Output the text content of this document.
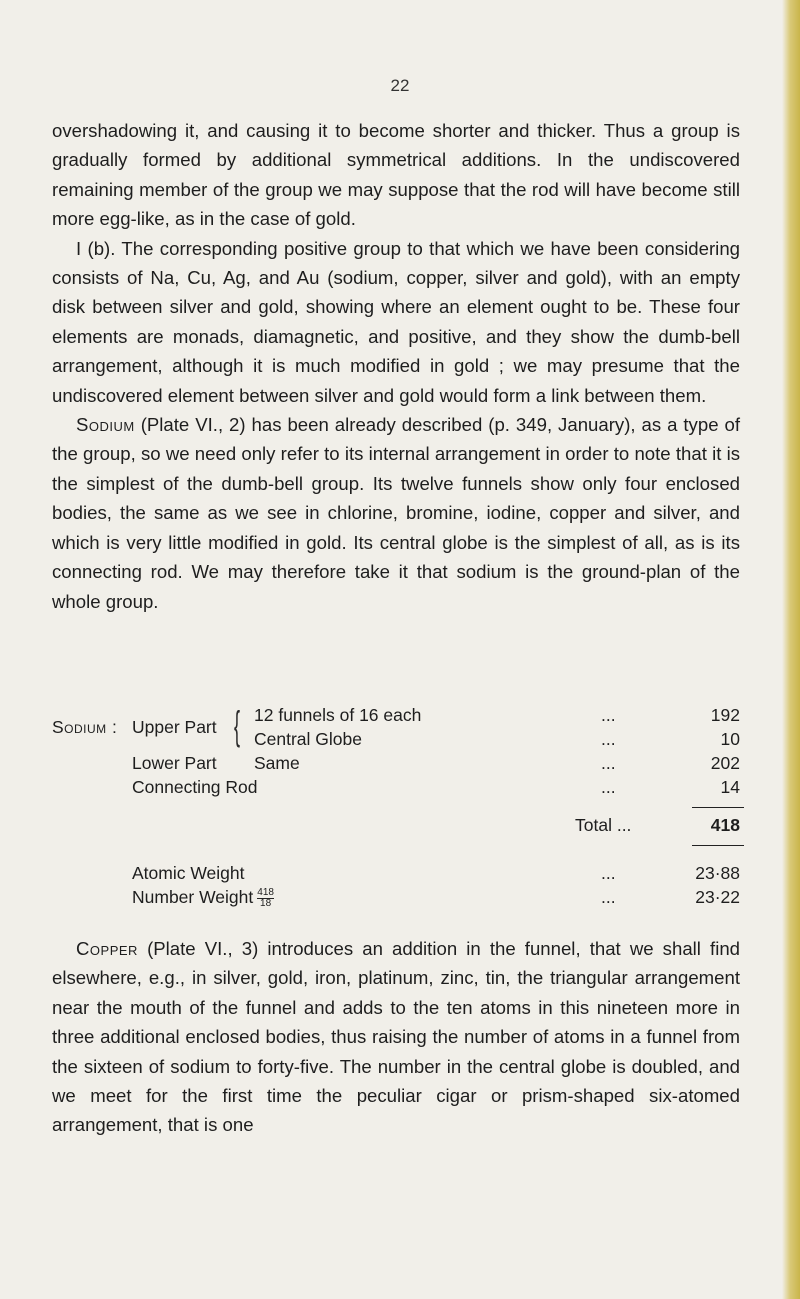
22

overshadowing it, and causing it to become shorter and thicker. Thus a group is gradually formed by additional symmetrical additions. In the undiscovered remaining member of the group we may suppose that the rod will have become still more egg-like, as in the case of gold.

I (b). The corresponding positive group to that which we have been considering consists of Na, Cu, Ag, and Au (sodium, copper, silver and gold), with an empty disk between silver and gold, showing where an element ought to be. These four elements are monads, diamagnetic, and positive, and they show the dumb-bell arrangement, although it is much modified in gold ; we may presume that the undiscovered element between silver and gold would form a link between them.

Sodium (Plate VI., 2) has been already described (p. 349, January), as a type of the group, so we need only refer to its internal arrangement in order to note that it is the simplest of the dumb-bell group. Its twelve funnels show only four enclosed bodies, the same as we see in chlorine, bromine, iodine, copper and silver, and which is very little modified in gold. Its central globe is the simplest of all, as is its connecting rod. We may therefore take it that sodium is the ground-plan of the whole group.

Sodium : Upper Part { 12 funnels of 16 each	...	192
Central Globe	...	10
Lower Part Same	...	202
Connecting Rod	...	14
Total ...	418
Atomic Weight	...	23·88
Number Weight $\frac{418}{18}$	...	23·22

Copper (Plate VI., 3) introduces an addition in the funnel, that we shall find elsewhere, e.g., in silver, gold, iron, platinum, zinc, tin, the triangular arrangement near the mouth of the funnel and adds to the ten atoms in this nineteen more in three additional enclosed bodies, thus raising the number of atoms in a funnel from the sixteen of sodium to forty-five. The number in the central globe is doubled, and we meet for the first time the peculiar cigar or prism-shaped six-atomed arrangement, that is one
